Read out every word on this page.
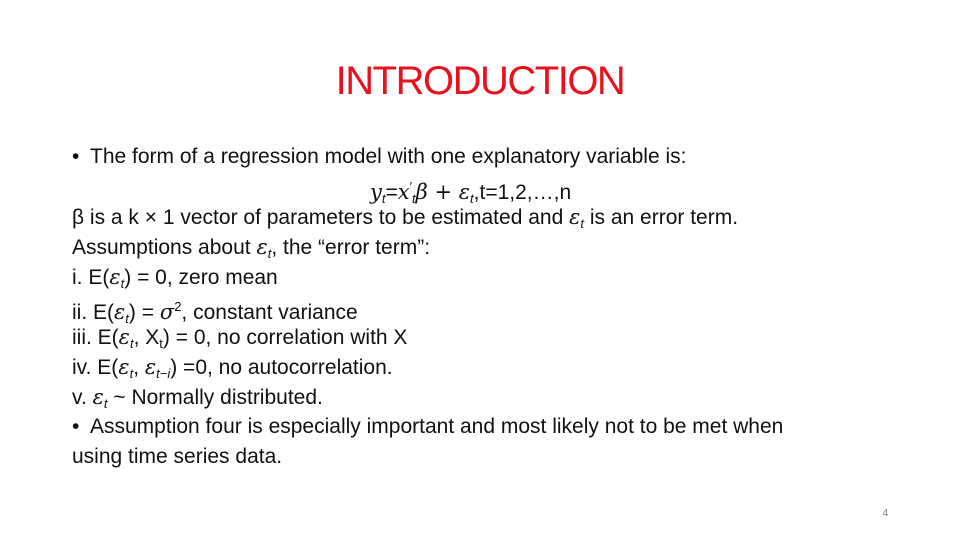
INTRODUCTION
• The form of a regression model with one explanatory variable is:
$y_t=x'_t\beta$ + $\varepsilon_t,t=1,2,\dots,n$
β is a k × 1 vector of parameters to be estimated and $\varepsilon_t$ is an error term.
Assumptions about $\varepsilon_t$, the “error term”:
i. $E(\varepsilon_t) = 0$, zero mean
ii. $E(\varepsilon_t) = \sigma^2$, constant variance
iii. $E(\varepsilon_t$, $X_t) = 0$, no correlation with X
iv. $E(\varepsilon_t$, $\varepsilon_{t-i}) =0$, no autocorrelation.
v. $\varepsilon_t$ ~ Normally distributed.
• Assumption four is especially important and most likely not to be met when
using time series data.
4
